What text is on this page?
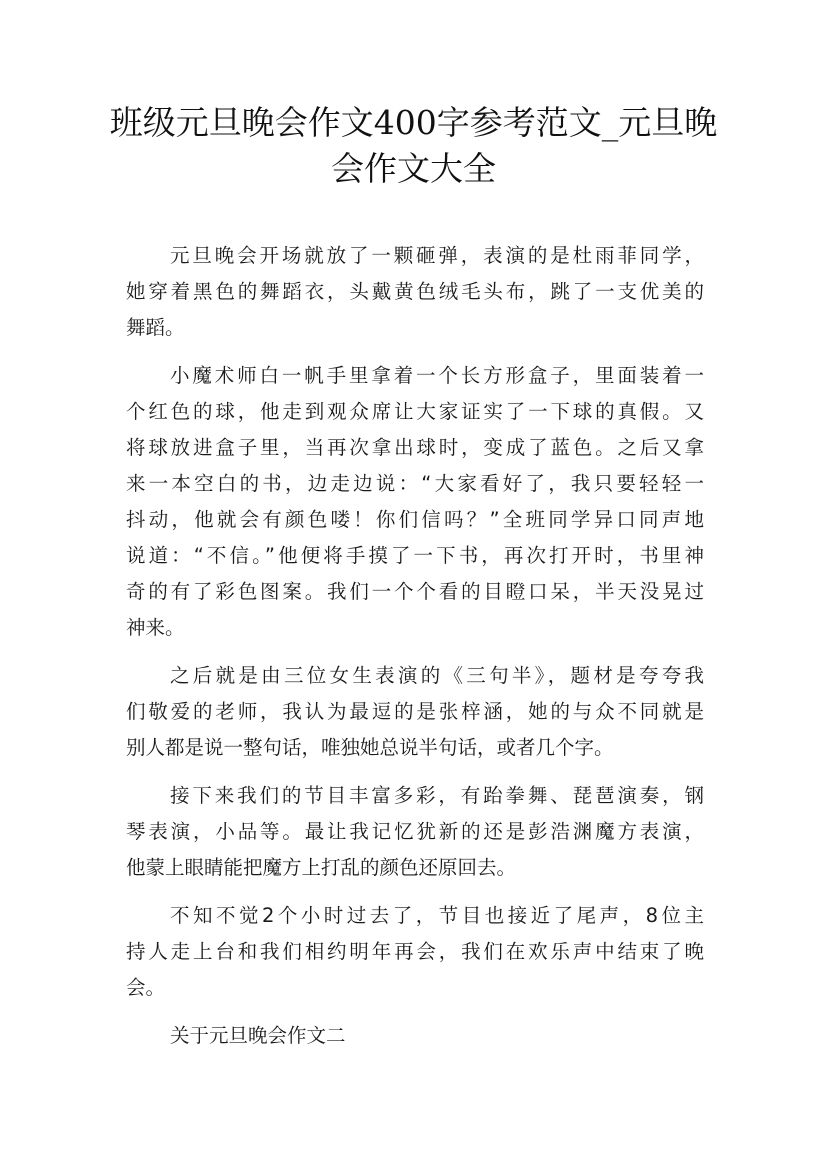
班级元旦晚会作文400字参考范文_元旦晚
会作文大全

元旦晚会开场就放了一颗砸弹，表演的是杜雨菲同学，
她穿着黑色的舞蹈衣，头戴黄色绒毛头布，跳了一支优美的
舞蹈。

小魔术师白一帆手里拿着一个长方形盒子，里面装着一
个红色的球，他走到观众席让大家证实了一下球的真假。又
将球放进盒子里，当再次拿出球时，变成了蓝色。之后又拿
来一本空白的书，边走边说：“大家看好了，我只要轻轻一
抖动，他就会有颜色喽！你们信吗？”全班同学异口同声地
说道：“不信。”他便将手摸了一下书，再次打开时，书里神
奇的有了彩色图案。我们一个个看的目瞪口呆，半天没晃过
神来。

之后就是由三位女生表演的《三句半》，题材是夸夸我
们敬爱的老师，我认为最逗的是张梓涵，她的与众不同就是
别人都是说一整句话，唯独她总说半句话，或者几个字。

接下来我们的节目丰富多彩，有跆拳舞、琵琶演奏，钢
琴表演，小品等。最让我记忆犹新的还是彭浩渊魔方表演，
他蒙上眼睛能把魔方上打乱的颜色还原回去。

不知不觉2个小时过去了，节目也接近了尾声，8位主
持人走上台和我们相约明年再会，我们在欢乐声中结束了晚
会。

关于元旦晚会作文二
